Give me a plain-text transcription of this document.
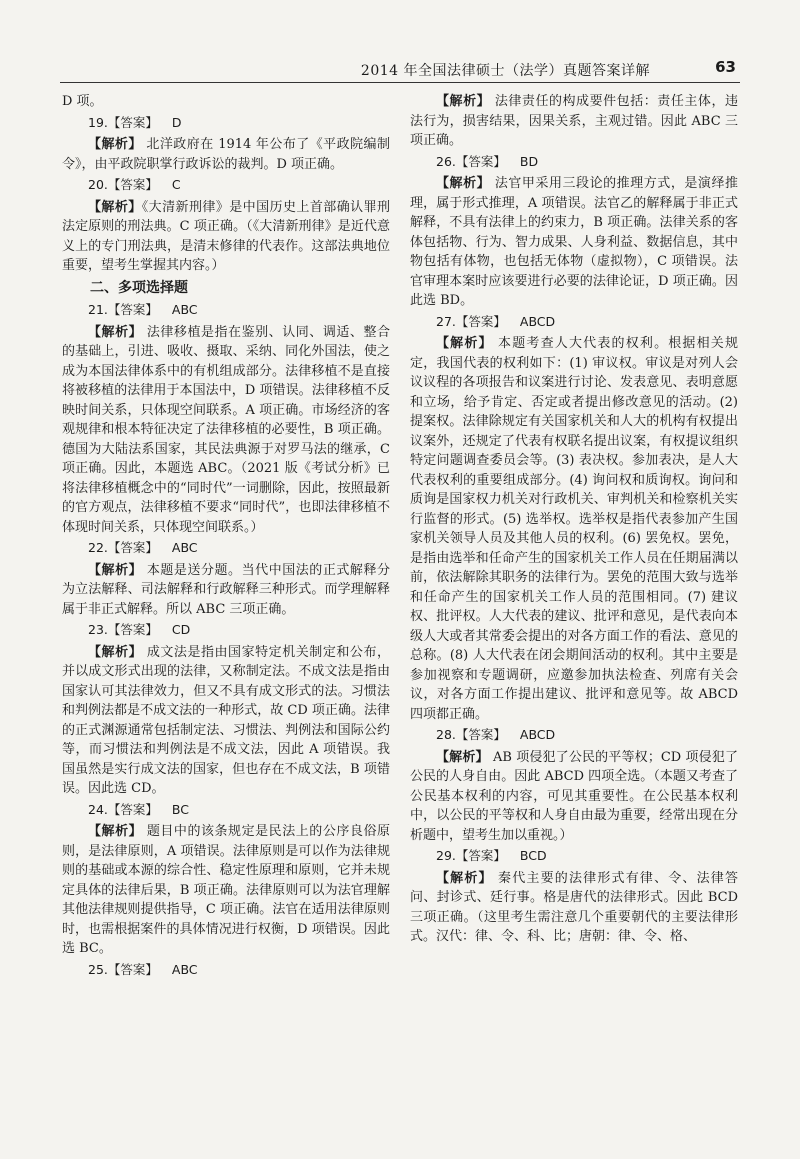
2014 年全国法律硕士（法学）真题答案详解	63

D 项。

19.【答案】 D

【解析】 北洋政府在 1914 年公布了《平政院编制令》，由平政院职掌行政诉讼的裁判。D 项正确。

20.【答案】 C

【解析】《大清新刑律》是中国历史上首部确认罪刑法定原则的刑法典。C 项正确。（《大清新刑律》是近代意义上的专门刑法典，是清末修律的代表作。这部法典地位重要，望考生掌握其内容。）

二、多项选择题
21.【答案】 ABC

【解析】 法律移植是指在鉴别、认同、调适、整合的基础上，引进、吸收、摄取、采纳、同化外国法，使之成为本国法律体系中的有机组成部分。法律移植不是直接将被移植的法律用于本国法中，D 项错误。法律移植不反映时间关系，只体现空间联系。A 项正确。市场经济的客观规律和根本特征决定了法律移植的必要性，B 项正确。德国为大陆法系国家，其民法典源于对罗马法的继承，C 项正确。因此，本题选 ABC。（2021 版《考试分析》已将法律移植概念中的“同时代”一词删除，因此，按照最新的官方观点，法律移植不要求“同时代”，也即法律移植不体现时间关系，只体现空间联系。）

22.【答案】 ABC

【解析】 本题是送分题。当代中国法的正式解释分为立法解释、司法解释和行政解释三种形式。而学理解释属于非正式解释。所以 ABC 三项正确。

23.【答案】 CD

【解析】 成文法是指由国家特定机关制定和公布，并以成文形式出现的法律，又称制定法。不成文法是指由国家认可其法律效力，但又不具有成文形式的法。习惯法和判例法都是不成文法的一种形式，故 CD 项正确。法律的正式渊源通常包括制定法、习惯法、判例法和国际公约等，而习惯法和判例法是不成文法，因此 A 项错误。我国虽然是实行成文法的国家，但也存在不成文法，B 项错误。因此选 CD。

24.【答案】 BC

【解析】 题目中的该条规定是民法上的公序良俗原则，是法律原则，A 项错误。法律原则是可以作为法律规则的基础或本源的综合性、稳定性原理和原则，它并未规定具体的法律后果，B 项正确。法律原则可以为法官理解其他法律规则提供指导，C 项正确。法官在适用法律原则时，也需根据案件的具体情况进行权衡，D 项错误。因此选 BC。

25.【答案】 ABC

【解析】 法律责任的构成要件包括：责任主体，违法行为，损害结果，因果关系，主观过错。因此 ABC 三项正确。

26.【答案】 BD

【解析】 法官甲采用三段论的推理方式，是演绎推理，属于形式推理，A 项错误。法官乙的解释属于非正式解释，不具有法律上的约束力，B 项正确。法律关系的客体包括物、行为、智力成果、人身利益、数据信息，其中物包括有体物，也包括无体物（虚拟物），C 项错误。法官审理本案时应该要进行必要的法律论证，D 项正确。因此选 BD。

27.【答案】 ABCD

【解析】 本题考查人大代表的权利。根据相关规定，我国代表的权利如下：(1) 审议权。审议是对列人会议议程的各项报告和议案进行讨论、发表意见、表明意愿和立场，给予肯定、否定或者提出修改意见的活动。(2) 提案权。法律除规定有关国家机关和人大的机构有权提出议案外，还规定了代表有权联名提出议案，有权提议组织特定问题调查委员会等。(3) 表决权。参加表决，是人大代表权利的重要组成部分。(4) 询问权和质询权。询问和质询是国家权力机关对行政机关、审判机关和检察机关实行监督的形式。(5) 选举权。选举权是指代表参加产生国家机关领导人员及其他人员的权利。(6) 罢免权。罢免，是指由选举和任命产生的国家机关工作人员在任期届满以前，依法解除其职务的法律行为。罢免的范围大致与选举和任命产生的国家机关工作人员的范围相同。(7) 建议权、批评权。人大代表的建议、批评和意见，是代表向本级人大或者其常委会提出的对各方面工作的看法、意见的总称。(8) 人大代表在闭会期间活动的权利。其中主要是参加视察和专题调研，应邀参加执法检查、列席有关会议，对各方面工作提出建议、批评和意见等。故 ABCD 四项都正确。

28.【答案】 ABCD

【解析】 AB 项侵犯了公民的平等权；CD 项侵犯了公民的人身自由。因此 ABCD 四项全选。（本题又考查了公民基本权利的内容，可见其重要性。在公民基本权利中，以公民的平等权和人身自由最为重要，经常出现在分析题中，望考生加以重视。）

29.【答案】 BCD

【解析】 秦代主要的法律形式有律、令、法律答问、封诊式、廷行事。格是唐代的法律形式。因此 BCD 三项正确。（这里考生需注意几个重要朝代的主要法律形式。汉代：律、令、科、比；唐朝：律、令、格、
